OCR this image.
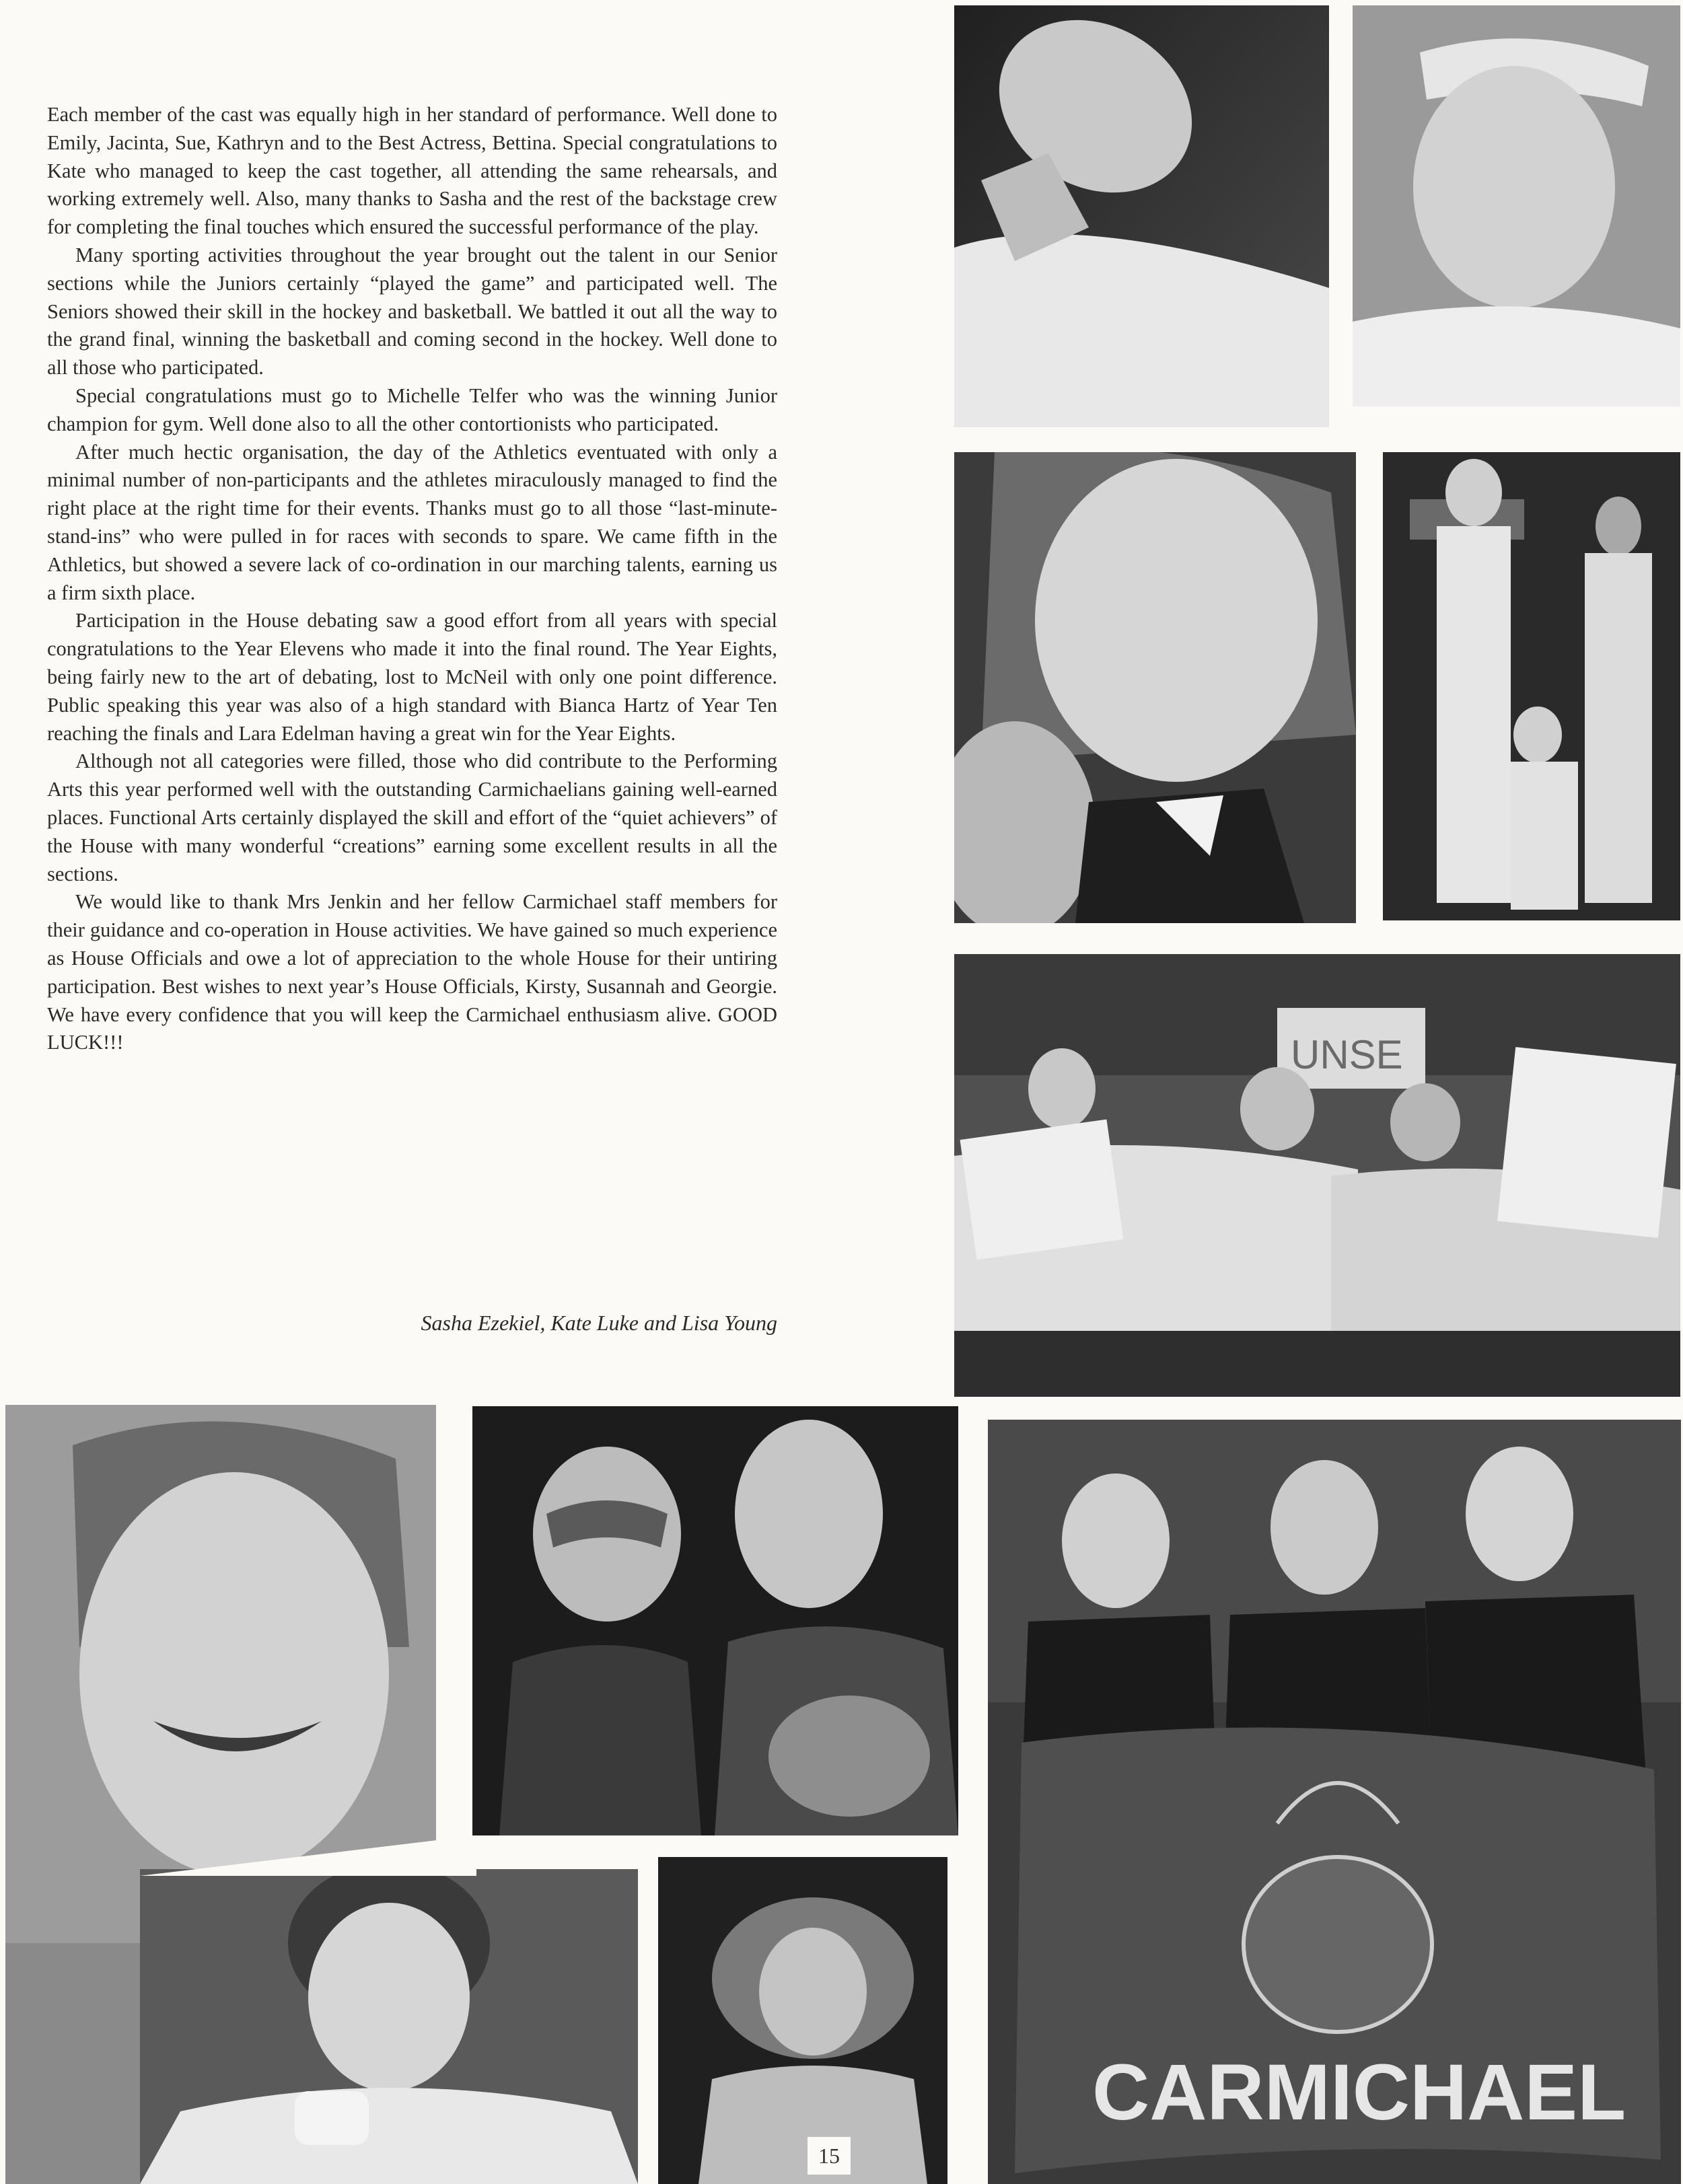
Each member of the cast was equally high in her standard of performance. Well done to Emily, Jacinta, Sue, Kathryn and to the Best Actress, Bettina. Special congratulations to Kate who managed to keep the cast together, all attending the same rehearsals, and working extremely well. Also, many thanks to Sasha and the rest of the backstage crew for completing the final touches which ensured the successful performance of the play.

Many sporting activities throughout the year brought out the talent in our Senior sections while the Juniors certainly “played the game” and participated well. The Seniors showed their skill in the hockey and basketball. We battled it out all the way to the grand final, winning the basketball and coming second in the hockey. Well done to all those who participated.

Special congratulations must go to Michelle Telfer who was the winning Junior champion for gym. Well done also to all the other contortionists who participated.

After much hectic organisation, the day of the Athletics eventuated with only a minimal number of non-participants and the athletes miraculously managed to find the right place at the right time for their events. Thanks must go to all those “last-minute-stand-ins” who were pulled in for races with seconds to spare. We came fifth in the Athletics, but showed a severe lack of co-ordination in our marching talents, earning us a firm sixth place.

Participation in the House debating saw a good effort from all years with special congratulations to the Year Elevens who made it into the final round. The Year Eights, being fairly new to the art of debating, lost to McNeil with only one point difference. Public speaking this year was also of a high standard with Bianca Hartz of Year Ten reaching the finals and Lara Edelman having a great win for the Year Eights.

Although not all categories were filled, those who did contribute to the Performing Arts this year performed well with the outstanding Carmichaelians gaining well-earned places. Functional Arts certainly displayed the skill and effort of the “quiet achievers” of the House with many wonderful “creations” earning some excellent results in all the sections.

We would like to thank Mrs Jenkin and her fellow Carmichael staff members for their guidance and co-operation in House activities. We have gained so much experience as House Officials and owe a lot of appreciation to the whole House for their untiring participation. Best wishes to next year’s House Officials, Kirsty, Susannah and Georgie. We have every confidence that you will keep the Carmichael enthusiasm alive. GOOD LUCK!!!

Sasha Ezekiel, Kate Luke and Lisa Young
UNSE
CARMICHAEL
15
